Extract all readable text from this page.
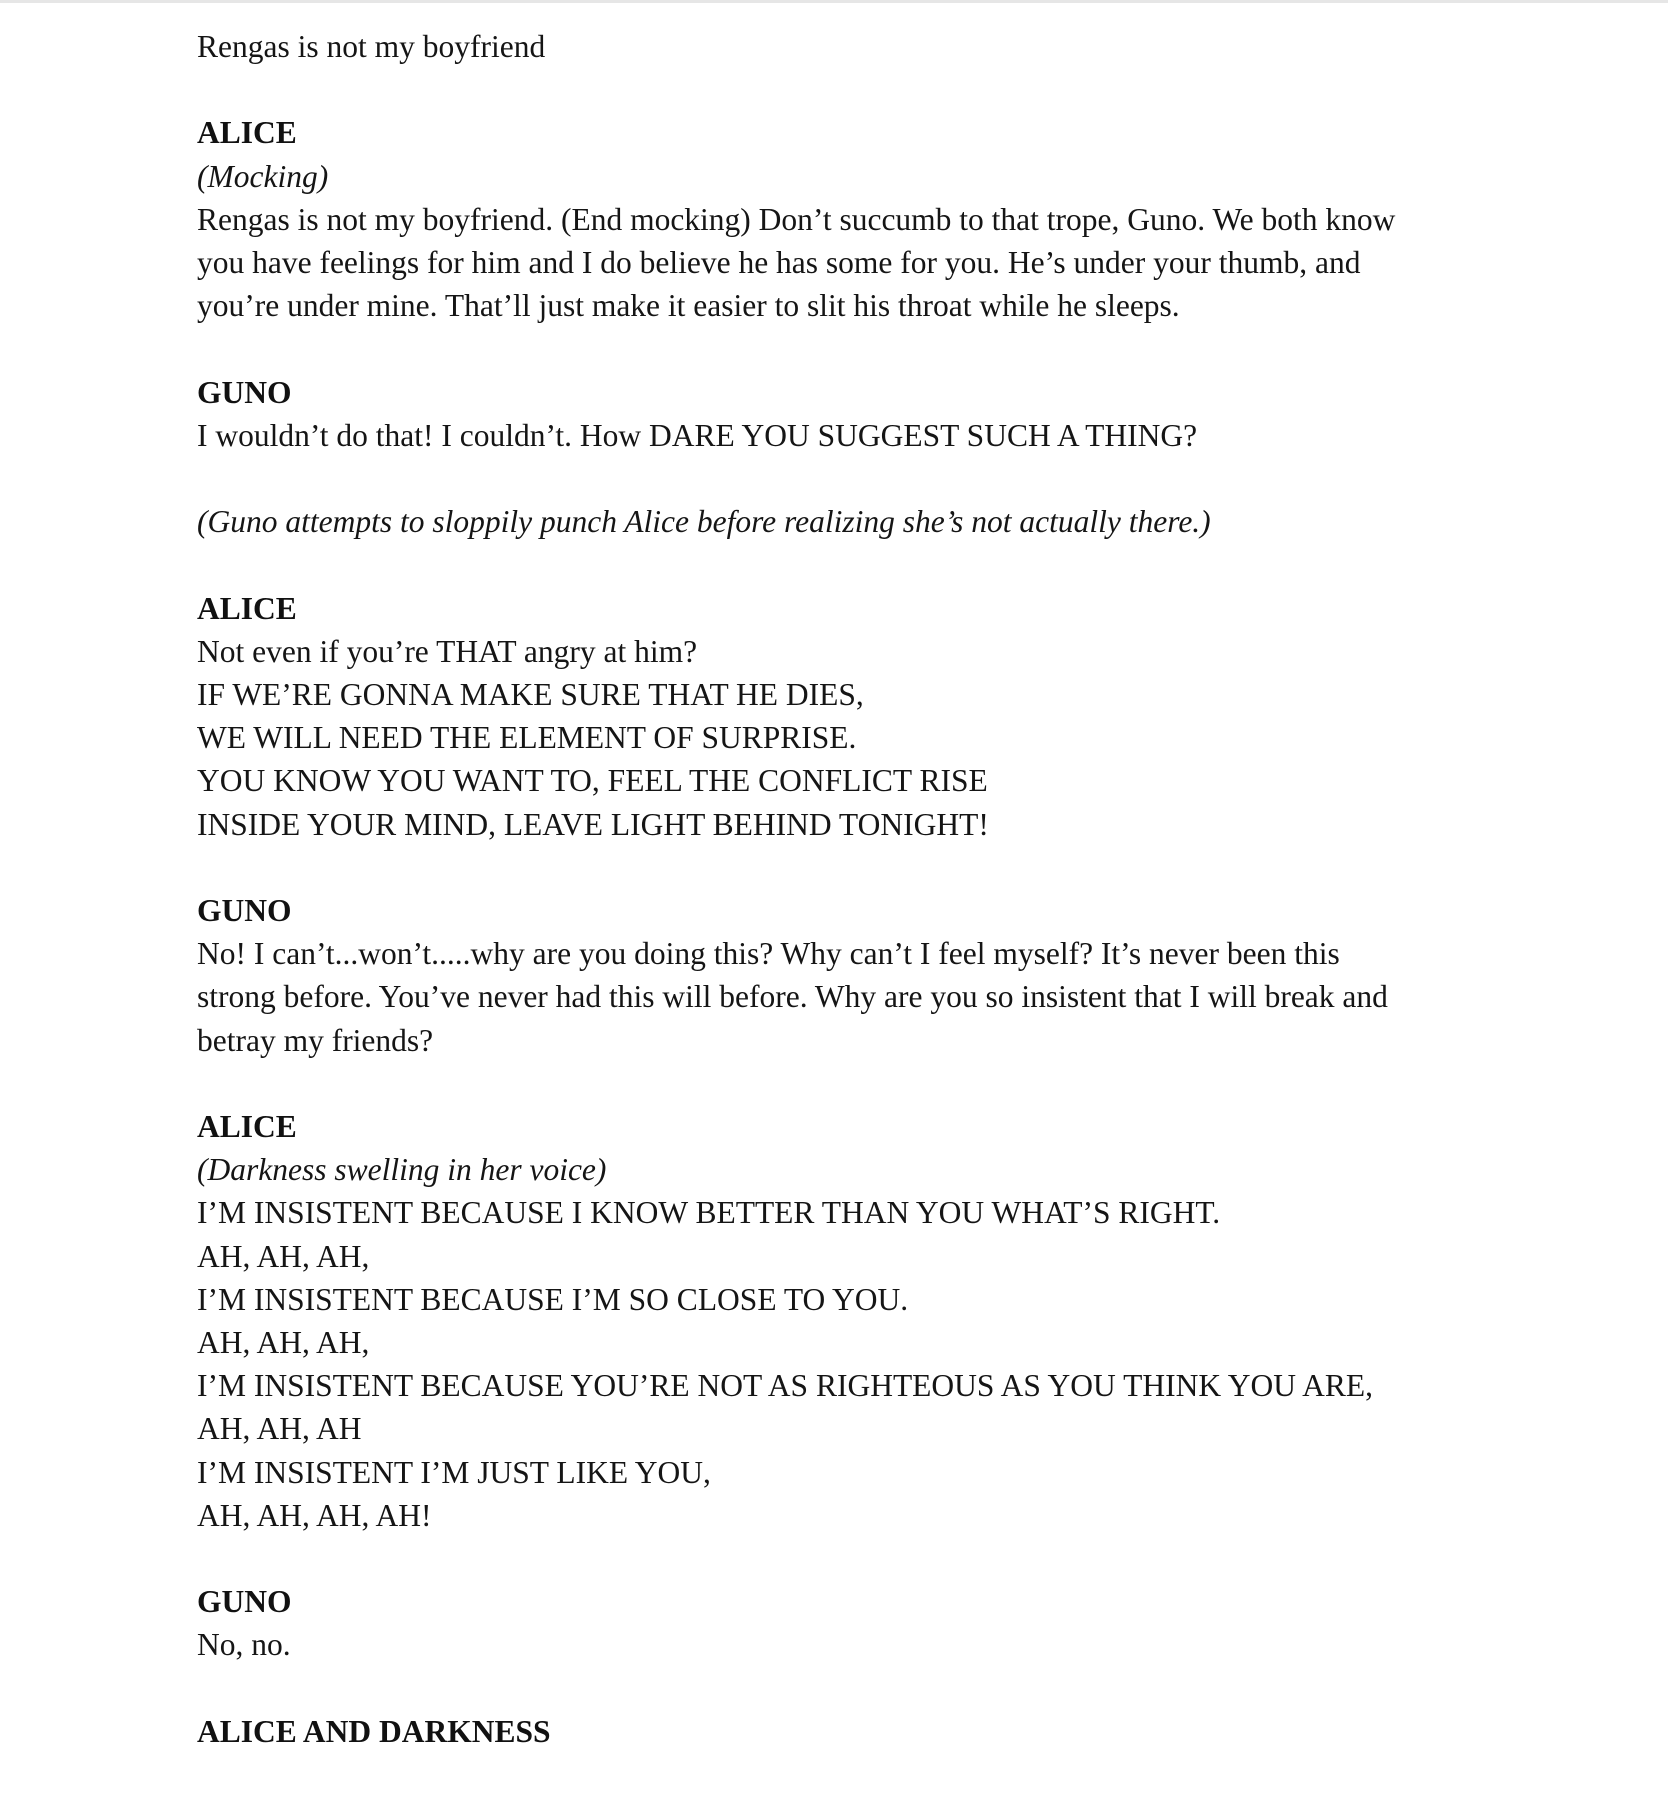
Rengas is not my boyfriend
ALICE
(Mocking)
Rengas is not my boyfriend. (End mocking) Don’t succumb to that trope, Guno. We both know
you have feelings for him and I do believe he has some for you. He’s under your thumb, and
you’re under mine. That’ll just make it easier to slit his throat while he sleeps.
GUNO
I wouldn’t do that! I couldn’t. How DARE YOU SUGGEST SUCH A THING?
(Guno attempts to sloppily punch Alice before realizing she’s not actually there.)
ALICE
Not even if you’re THAT angry at him?
IF WE’RE GONNA MAKE SURE THAT HE DIES,
WE WILL NEED THE ELEMENT OF SURPRISE.
YOU KNOW YOU WANT TO, FEEL THE CONFLICT RISE
INSIDE YOUR MIND, LEAVE LIGHT BEHIND TONIGHT!
GUNO
No! I can’t...won’t.....why are you doing this? Why can’t I feel myself? It’s never been this
strong before. You’ve never had this will before. Why are you so insistent that I will break and
betray my friends?
ALICE
(Darkness swelling in her voice)
I’M INSISTENT BECAUSE I KNOW BETTER THAN YOU WHAT’S RIGHT.
AH, AH, AH,
I’M INSISTENT BECAUSE I’M SO CLOSE TO YOU.
AH, AH, AH,
I’M INSISTENT BECAUSE YOU’RE NOT AS RIGHTEOUS AS YOU THINK YOU ARE,
AH, AH, AH
I’M INSISTENT I’M JUST LIKE YOU,
AH, AH, AH, AH!
GUNO
No, no.
ALICE AND DARKNESS
